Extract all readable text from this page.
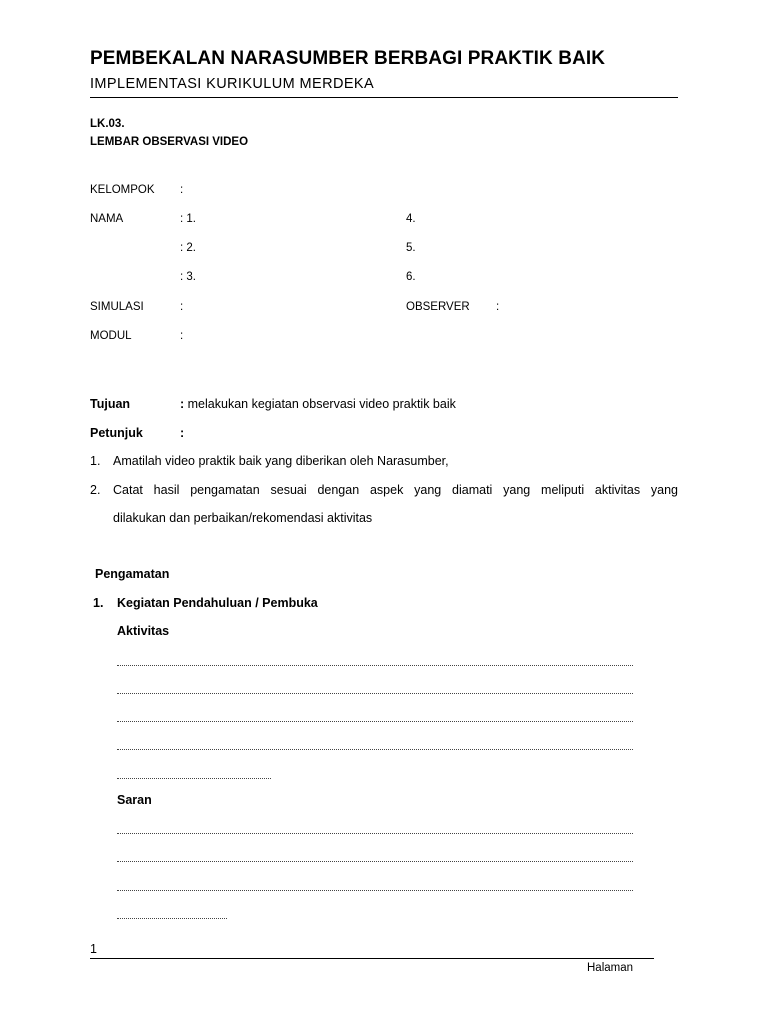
PEMBEKALAN NARASUMBER BERBAGI PRAKTIK BAIK
IMPLEMENTASI KURIKULUM MERDEKA
LK.03.
LEMBAR OBSERVASI VIDEO
KELOMPOK :
NAMA	: 1.	4.
: 2.	5.
: 3.	6.
SIMULASI	:	OBSERVER :
MODUL	:
Tujuan	: melakukan kegiatan observasi video praktik baik
Petunjuk	:
1. Amatilah video praktik baik yang diberikan oleh Narasumber,
2. Catat hasil pengamatan sesuai dengan aspek yang diamati yang meliputi aktivitas yang
dilakukan dan perbaikan/rekomendasi aktivitas
Pengamatan
1. Kegiatan Pendahuluan / Pembuka
Aktivitas
Saran
1
Halaman
